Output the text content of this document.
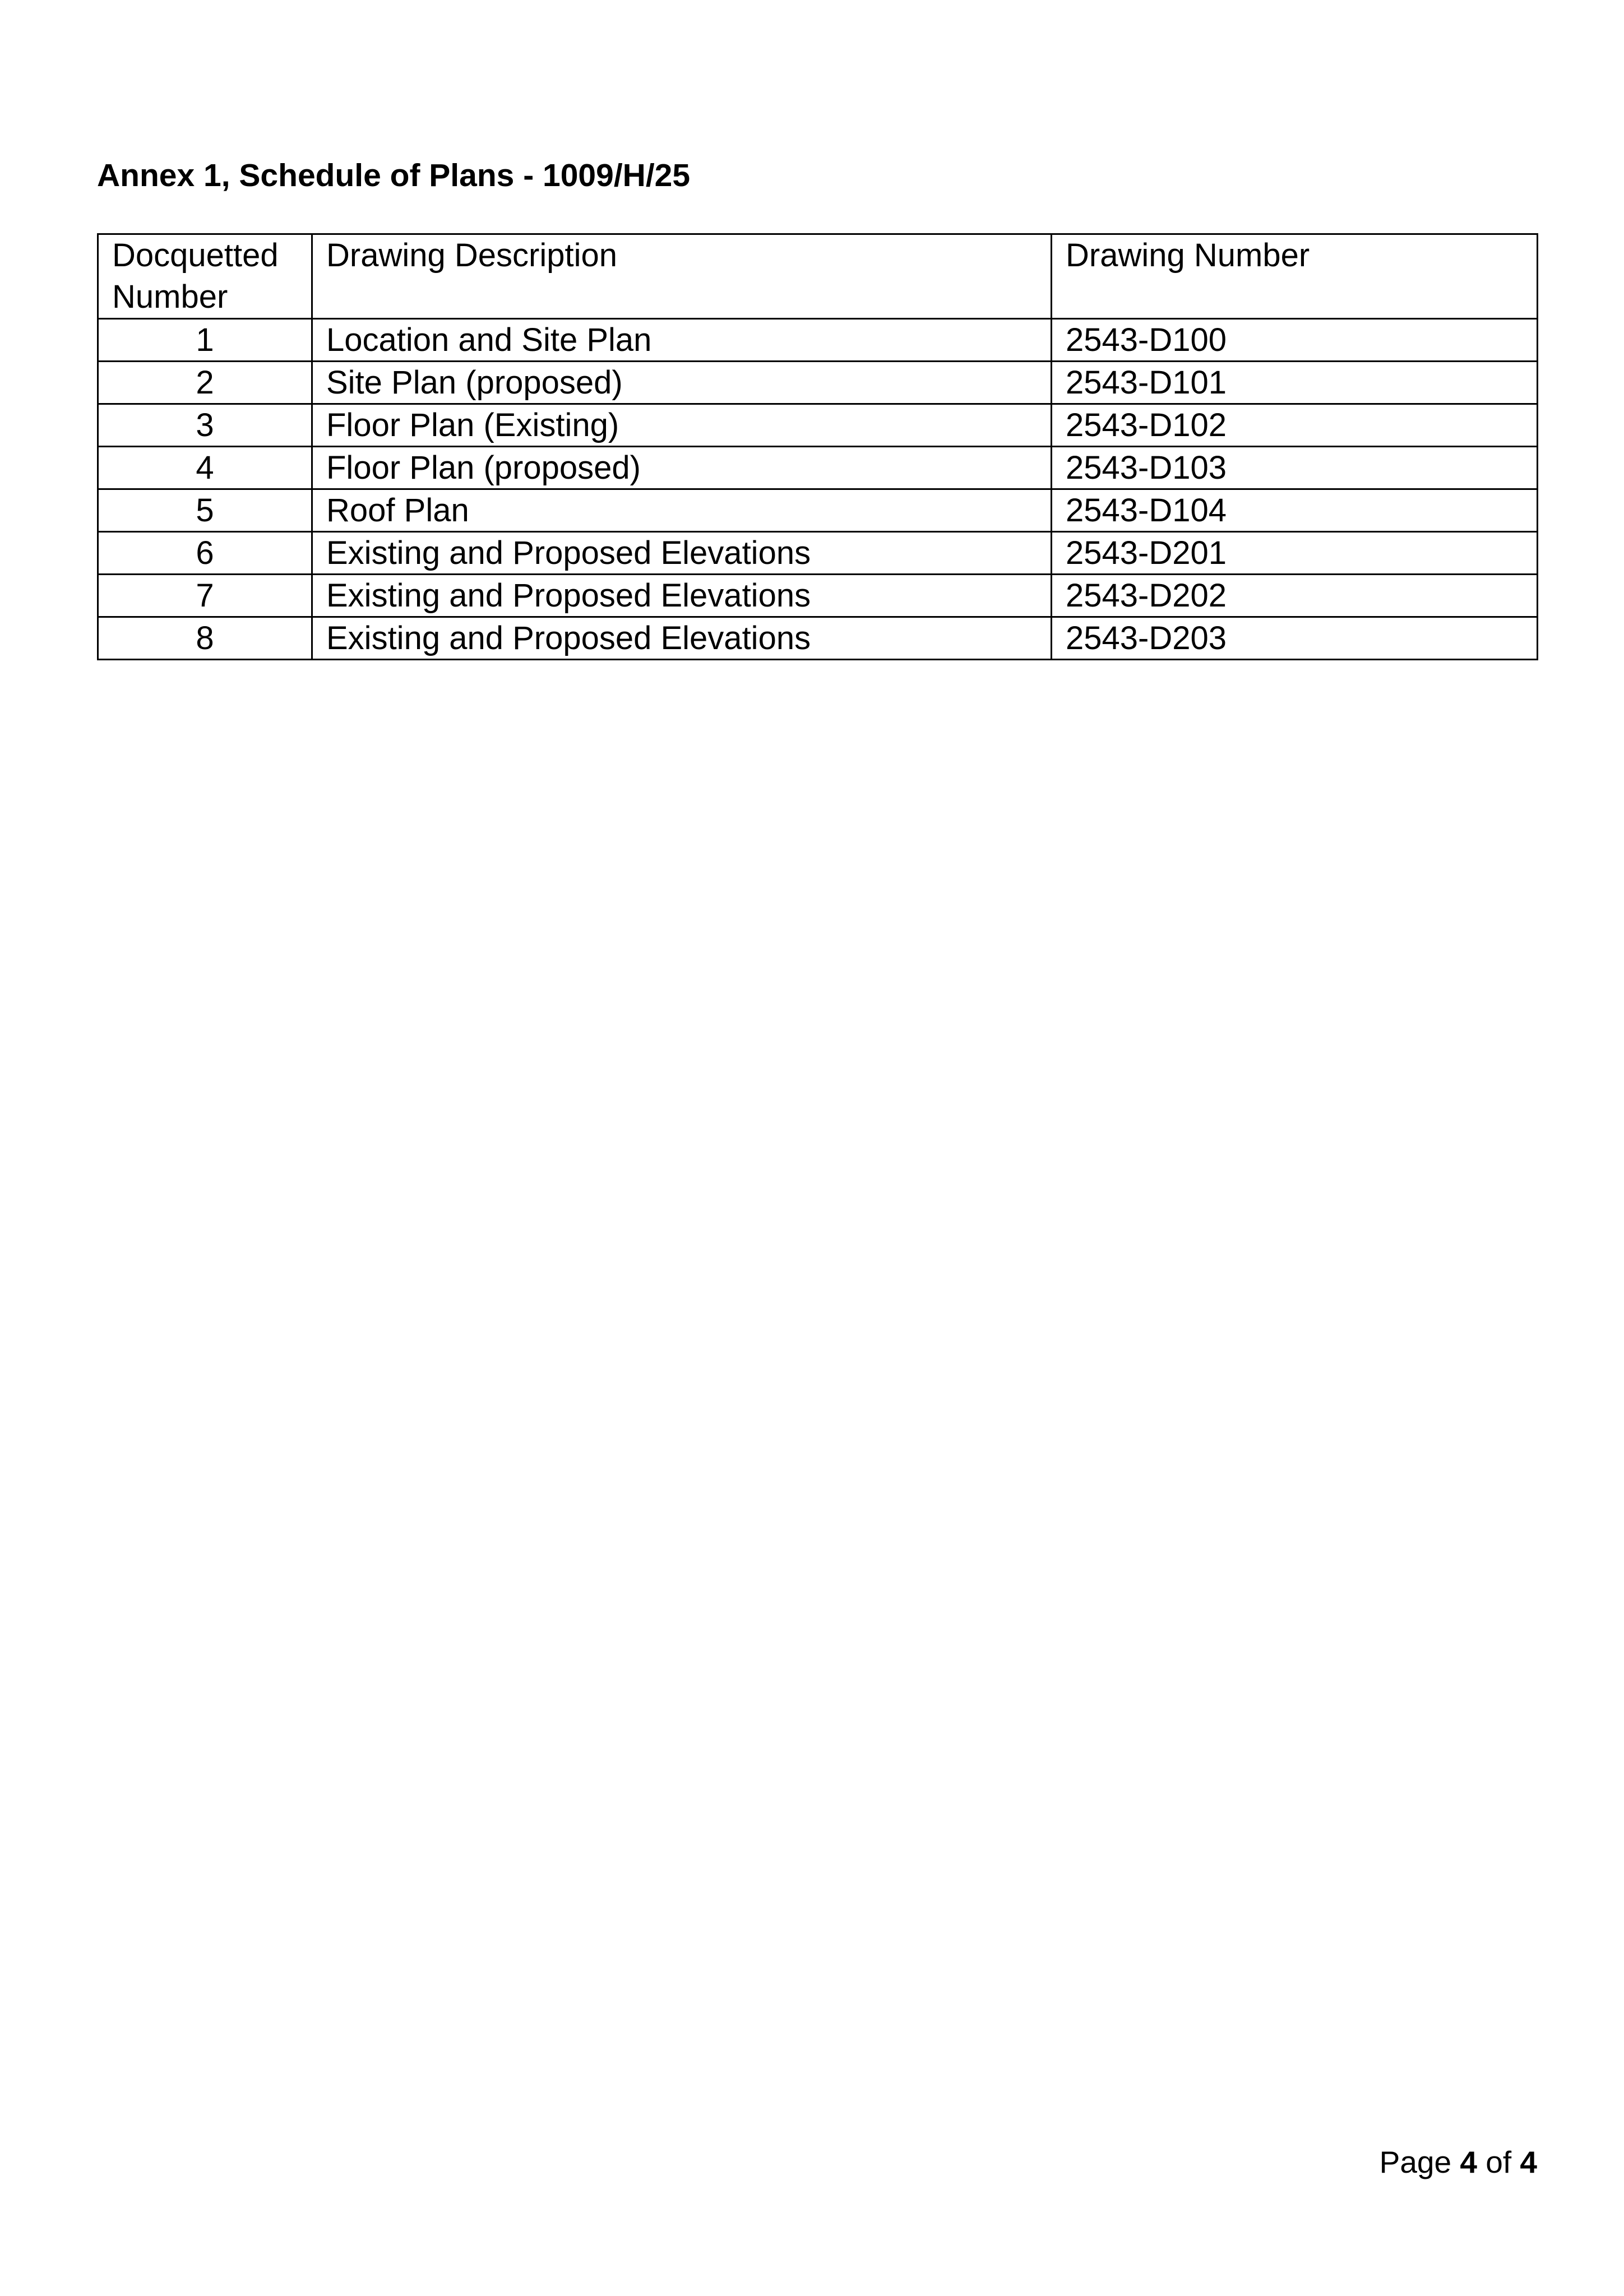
Annex 1, Schedule of Plans - 1009/H/25
Docquetted Number	Drawing Description	Drawing Number
1	Location and Site Plan	2543-D100
2	Site Plan (proposed)	2543-D101
3	Floor Plan (Existing)	2543-D102
4	Floor Plan (proposed)	2543-D103
5	Roof Plan	2543-D104
6	Existing and Proposed Elevations	2543-D201
7	Existing and Proposed Elevations	2543-D202
8	Existing and Proposed Elevations	2543-D203
Page 4 of 4
